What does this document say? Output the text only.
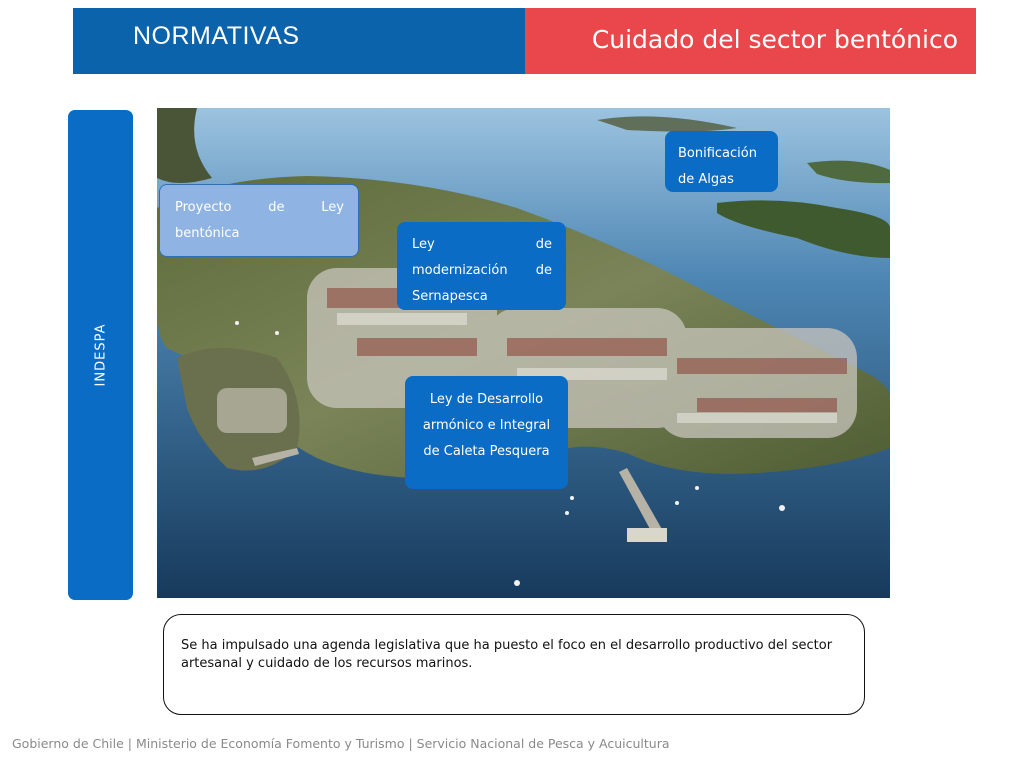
NORMATIVAS	Cuidado del sector bentónico
INDESPA
Bonificación de Algas
Proyecto de Ley bentónica
Ley de modernización de Sernapesca
Ley de Desarrollo armónico e Integral de Caleta Pesquera
Se ha impulsado una agenda legislativa que ha puesto el foco en el desarrollo productivo del sector artesanal y cuidado de los recursos marinos.
Gobierno de Chile | Ministerio de Economía Fomento y Turismo | Servicio Nacional de Pesca y Acuicultura
